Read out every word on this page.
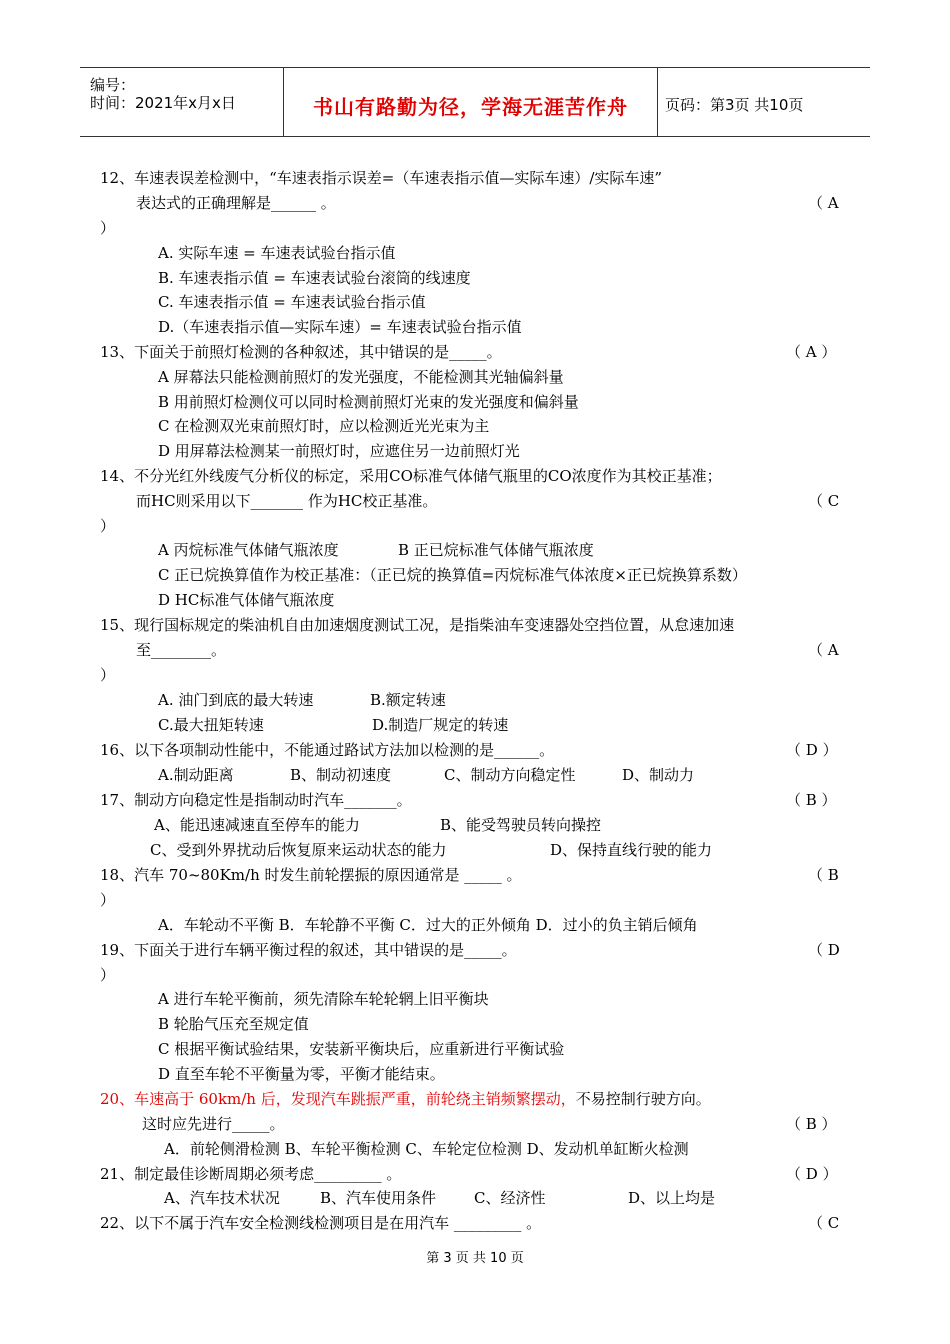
编号：
时间：2021年x月x日	书山有路勤为径，学海无涯苦作舟	页码：第3页 共10页
12、车速表误差检测中，“车速表指示误差=（车速表指示值—实际车速）/实际车速”
表达式的正确理解是______ 。	（ A
）
A. 实际车速 = 车速表试验台指示值
B. 车速表指示值 = 车速表试验台滚筒的线速度
C. 车速表指示值 = 车速表试验台指示值
D.（车速表指示值—实际车速）= 车速表试验台指示值
13、下面关于前照灯检测的各种叙述，其中错误的是_____。	（ A ）
A 屏幕法只能检测前照灯的发光强度，不能检测其光轴偏斜量
B 用前照灯检测仪可以同时检测前照灯光束的发光强度和偏斜量
C 在检测双光束前照灯时，应以检测近光光束为主
D 用屏幕法检测某一前照灯时，应遮住另一边前照灯光
14、不分光红外线废气分析仪的标定，采用CO标准气体储气瓶里的CO浓度作为其校正基准；
而HC则采用以下_______ 作为HC校正基准。	（ C
）
A 丙烷标准气体储气瓶浓度	B 正已烷标准气体储气瓶浓度
C 正已烷换算值作为校正基准：（正已烷的换算值=丙烷标准气体浓度×正已烷换算系数）
D HC标准气体储气瓶浓度
15、现行国标规定的柴油机自由加速烟度测试工况，是指柴油车变速器处空挡位置，从怠速加速
至________。	（ A
）
A. 油门到底的最大转速	B.额定转速
C.最大扭矩转速	D.制造厂规定的转速
16、以下各项制动性能中，不能通过路试方法加以检测的是______。	（ D ）
A.制动距离	B、制动初速度	C、制动方向稳定性	D、制动力
17、制动方向稳定性是指制动时汽车_______。	（ B ）
A、能迅速减速直至停车的能力	B、能受驾驶员转向操控
C、受到外界扰动后恢复原来运动状态的能力	D、保持直线行驶的能力
18、汽车 70~80Km/h 时发生前轮摆振的原因通常是 _____ 。	（ B
）
A．车轮动不平衡 B．车轮静不平衡 C．过大的正外倾角 D．过小的负主销后倾角
19、下面关于进行车辆平衡过程的叙述，其中错误的是_____。	（ D
）
A 进行车轮平衡前，须先清除车轮轮辋上旧平衡块
B 轮胎气压充至规定值
C 根据平衡试验结果，安装新平衡块后，应重新进行平衡试验
D 直至车轮不平衡量为零，平衡才能结束。
20、车速高于 60km/h 后，发现汽车跳振严重，前轮绕主销频繁摆动，不易控制行驶方向。
这时应先进行_____。	（ B ）
A．前轮侧滑检测 B、车轮平衡检测 C、车轮定位检测 D、发动机单缸断火检测
21、制定最佳诊断周期必须考虑_________ 。	（ D ）
A、汽车技术状况	B、汽车使用条件	C、经济性	D、以上均是
22、以下不属于汽车安全检测线检测项目是在用汽车 _________ 。	（ C
第 3 页 共 10 页
